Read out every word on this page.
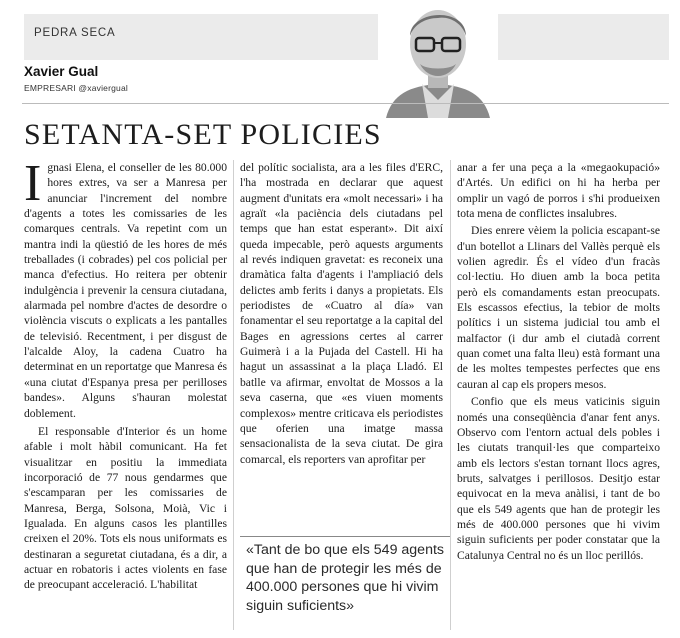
PEDRA SECA
Xavier Gual
EMPRESARI @xaviergual
SETANTA-SET POLICIES
I gnasi Elena, el conseller de les 80.000 hores extres, va ser a Manresa per anunciar l'increment del nombre d'agents a totes les comissaries de les comarques centrals. Va repetint com un mantra indi la qüestió de les hores de més treballades (i cobrades) pel cos policial per manca d'efectius. Ho reitera per obtenir indulgència i prevenir la censura ciutadana, alarmada pel nombre d'actes de desordre o violència viscuts o explicats a les pantalles de televisió. Recentment, i per disgust de l'alcalde Aloy, la cadena Cuatro ha determinat en un reportatge que Manresa és «una ciutat d'Espanya presa per perilloses bandes». Alguns s'hauran molestat doblement.

El responsable d'Interior és un home afable i molt hàbil comunicant. Ha fet visualitzar en positiu la immediata incorporació de 77 nous gendarmes que s'escamparan per les comissaries de Manresa, Berga, Solsona, Moià, Vic i Igualada. En alguns casos les plantilles creixen el 20%. Tots els nous uniformats es destinaran a seguretat ciutadana, és a dir, a actuar en robatoris i actes violents en fase de preocupant acceleració. L'habilitat

del polític socialista, ara a les files d'ERC, l'ha mostrada en declarar que aquest augment d'unitats era «molt necessari» i ha agraït «la paciència dels ciutadans pel temps que han estat esperant». Dit així queda impecable, però aquests arguments al revés indiquen gravetat: es reconeix una dramàtica falta d'agents i l'ampliació dels delictes amb ferits i danys a propietats. Els periodistes de «Cuatro al día» van fonamentar el seu reportatge a la capital del Bages en agressions certes al carrer Guimerà i a la Pujada del Castell. Hi ha hagut un assassinat a la plaça Lladó. El batlle va afirmar, envoltat de Mossos a la seva caserna, que «es viuen moments complexos» mentre criticava els periodistes que oferien una imatge massa sensacionalista de la seva ciutat. De gira comarcal, els reporters van aprofitar per

anar a fer una peça a la «megaokupació» d'Artés. Un edifici on hi ha herba per omplir un vagó de porros i s'hi produeixen tota mena de conflictes insalubres.

Dies enrere vèiem la policia escapant-se d'un botellot a Llinars del Vallès perquè els volien agredir. És el vídeo d'un fracàs col·lectiu. Ho diuen amb la boca petita però els comandaments estan preocupats. Els escassos efectius, la tebior de molts polítics i un sistema judicial tou amb el malfactor (i dur amb el ciutadà corrent quan comet una falta lleu) està formant una de les moltes tempestes perfectes que ens cauran al cap els propers mesos.

Confio que els meus vaticinis siguin només una conseqüència d'anar fent anys. Observo com l'entorn actual dels pobles i les ciutats tranquil·les que comparteixo amb els lectors s'estan tornant llocs agres, bruts, salvatges i perillosos. Desitjo estar equivocat en la meva anàlisi, i tant de bo que els 549 agents que han de protegir les més de 400.000 persones que hi vivim siguin suficients per poder constatar que la Catalunya Central no és un lloc perillós.

«Tant de bo que els 549 agents que han de protegir les més de 400.000 persones que hi vivim siguin suficients»
